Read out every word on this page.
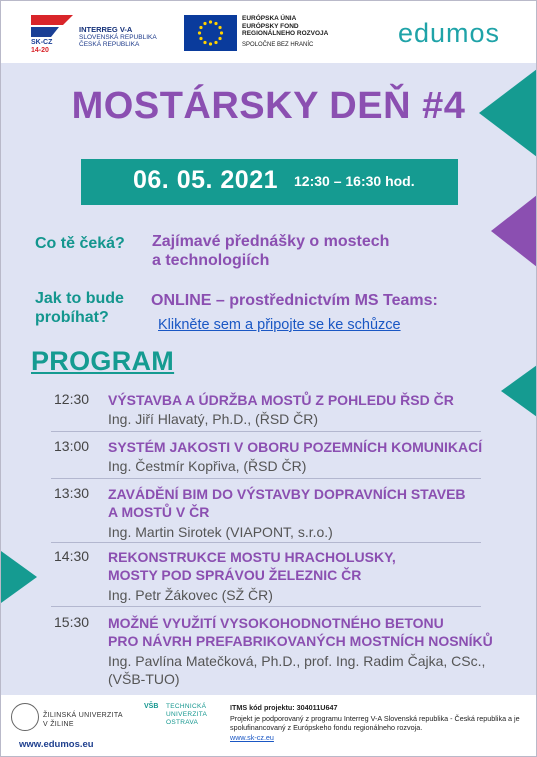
SK-CZ
14-20
INTERREG V-A
SLOVENSKÁ REPUBLIKA
ČESKÁ REPUBLIKA
EURÓPSKA ÚNIA
EURÓPSKY FOND
REGIONÁLNEHO ROZVOJA
SPOLOČNE BEZ HRANÍC	edumos
MOSTÁRSKY DEŇ #4
06. 05. 2021 12:30 – 16:30 hod.
Co tě čeká? Zajímavé přednášky o mostech
a technologiích
Jak to bude
probíhat?
ONLINE – prostřednictvím MS Teams:
Klikněte sem a připojte se ke schůzce
PROGRAM
12:30 VÝSTAVBA A ÚDRŽBA MOSTŮ Z POHLEDU ŘSD ČR
Ing. Jiří Hlavatý, Ph.D., (ŘSD ČR)
13:00 SYSTÉM JAKOSTI V OBORU POZEMNÍCH KOMUNIKACÍ
Ing. Čestmír Kopřiva, (ŘSD ČR)
13:30 ZAVÁDĚNÍ BIM DO VÝSTAVBY DOPRAVNÍCH STAVEB
A MOSTŮ V ČR
Ing. Martin Sirotek (VIAPONT, s.r.o.)
14:30 REKONSTRUKCE MOSTU HRACHOLUSKY,
MOSTY POD SPRÁVOU ŽELEZNIC ČR
Ing. Petr Žákovec (SŽ ČR)
15:30 MOŽNÉ VYUŽITÍ VYSOKOHODNOTNÉHO BETONU
PRO NÁVRH PREFABRIKOVANÝCH MOSTNÍCH NOSNÍKŮ
Ing. Pavlína Matečková, Ph.D., prof. Ing. Radim Čajka, CSc.,
(VŠB-TUO)
ŽILINSKÁ UNIVERZITA
V ŽILINE
VŠB TECHNICKÁ
UNIVERZITA
OSTRAVA
www.edumos.eu
ITMS kód projektu: 304011U647
Projekt je podporovaný z programu Interreg V-A Slovenská republika - Česká republika a je spolufinancovaný z Európskeho fondu regionálneho rozvoja.
www.sk-cz.eu
